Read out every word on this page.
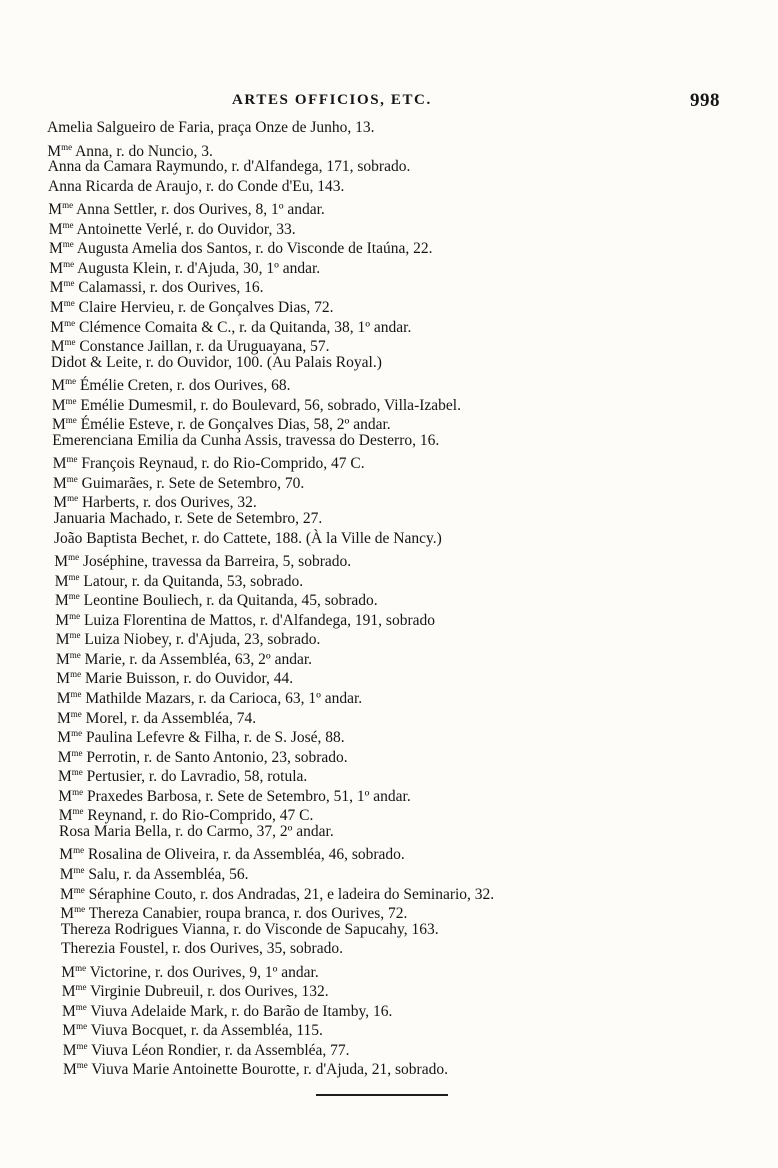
ARTES OFFICIOS, ETC.	998
Amelia Salgueiro de Faria, praça Onze de Junho, 13.
$M^{me}$ Anna, r. do Nuncio, 3.
Anna da Camara Raymundo, r. d'Alfandega, 171, sobrado.
Anna Ricarda de Araujo, r. do Conde d'Eu, 143.
$M^{me}$ Anna Settler, r. dos Ourives, 8, 1º andar.
$M^{me}$ Antoinette Verlé, r. do Ouvidor, 33.
$M^{me}$ Augusta Amelia dos Santos, r. do Visconde de Itaúna, 22.
$M^{me}$ Augusta Klein, r. d'Ajuda, 30, 1º andar.
$M^{me}$ Calamassi, r. dos Ourives, 16.
$M^{me}$ Claire Hervieu, r. de Gonçalves Dias, 72.
$M^{me}$ Clémence Comaita & C., r. da Quitanda, 38, 1º andar.
$M^{me}$ Constance Jaillan, r. da Uruguayana, 57.
Didot & Leite, r. do Ouvidor, 100. (Au Palais Royal.)
$M^{me}$ Émélie Creten, r. dos Ourives, 68.
$M^{me}$ Emélie Dumesmil, r. do Boulevard, 56, sobrado, Villa-Izabel.
$M^{me}$ Émélie Esteve, r. de Gonçalves Dias, 58, 2º andar.
Emerenciana Emilia da Cunha Assis, travessa do Desterro, 16.
$M^{me}$ François Reynaud, r. do Rio-Comprido, 47 C.
$M^{me}$ Guimarães, r. Sete de Setembro, 70.
$M^{me}$ Harberts, r. dos Ourives, 32.
Januaria Machado, r. Sete de Setembro, 27.
João Baptista Bechet, r. do Cattete, 188. (À la Ville de Nancy.)
$M^{me}$ Joséphine, travessa da Barreira, 5, sobrado.
$M^{me}$ Latour, r. da Quitanda, 53, sobrado.
$M^{me}$ Leontine Bouliech, r. da Quitanda, 45, sobrado.
$M^{me}$ Luiza Florentina de Mattos, r. d'Alfandega, 191, sobrado
$M^{me}$ Luiza Niobey, r. d'Ajuda, 23, sobrado.
$M^{me}$ Marie, r. da Assembléa, 63, 2º andar.
$M^{me}$ Marie Buisson, r. do Ouvidor, 44.
$M^{me}$ Mathilde Mazars, r. da Carioca, 63, 1º andar.
$M^{me}$ Morel, r. da Assembléa, 74.
$M^{me}$ Paulina Lefevre & Filha, r. de S. José, 88.
$M^{me}$ Perrotin, r. de Santo Antonio, 23, sobrado.
$M^{me}$ Pertusier, r. do Lavradio, 58, rotula.
$M^{me}$ Praxedes Barbosa, r. Sete de Setembro, 51, 1º andar.
$M^{me}$ Reynand, r. do Rio-Comprido, 47 C.
Rosa Maria Bella, r. do Carmo, 37, 2º andar.
$M^{me}$ Rosalina de Oliveira, r. da Assembléa, 46, sobrado.
$M^{me}$ Salu, r. da Assembléa, 56.
$M^{me}$ Séraphine Couto, r. dos Andradas, 21, e ladeira do Seminario, 32.
$M^{me}$ Thereza Canabier, roupa branca, r. dos Ourives, 72.
Thereza Rodrigues Vianna, r. do Visconde de Sapucahy, 163.
Therezia Foustel, r. dos Ourives, 35, sobrado.
$M^{me}$ Victorine, r. dos Ourives, 9, 1º andar.
$M^{me}$ Virginie Dubreuil, r. dos Ourives, 132.
$M^{me}$ Viuva Adelaide Mark, r. do Barão de Itamby, 16.
$M^{me}$ Viuva Bocquet, r. da Assembléa, 115.
$M^{me}$ Viuva Léon Rondier, r. da Assembléa, 77.
$M^{me}$ Viuva Marie Antoinette Bourotte, r. d'Ajuda, 21, sobrado.
